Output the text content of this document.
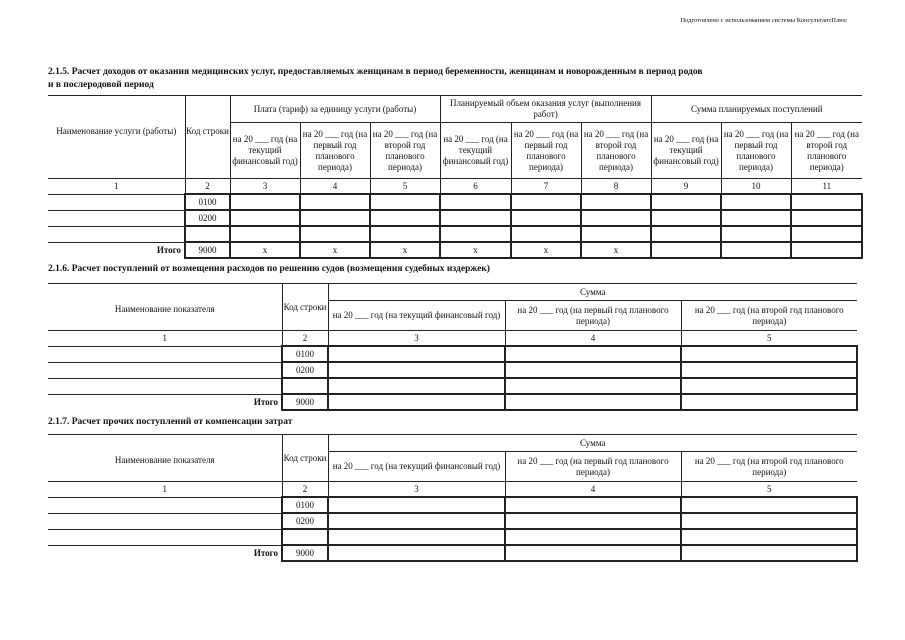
Подготовлено с использованием системы КонсультантПлюс
2.1.5. Расчет доходов от оказания медицинских услуг, предоставляемых женщинам в период беременности, женщинам и новорожденным в период родов
и в послеродовой период
Наименование услуги (работы)	Код строки	Плата (тариф) за единицу услуги (работы)			Планируемый объем оказания услуг (выполнения работ)			Сумма планируемых поступлений		
		на 20 ___ год (на текущий финансовый год)	на 20 ___ год (на первый год планового периода)	на 20 ___ год (на второй год планового периода)	на 20 ___ год (на текущий финансовый год)	на 20 ___ год (на первый год планового периода)	на 20 ___ год (на второй год планового периода)	на 20 ___ год (на текущий финансовый год)	на 20 ___ год (на первый год планового периода)	на 20 ___ год (на второй год планового периода)
1	2	3	4	5	6	7	8	9	10	11
	0100									
	0200									

Итого	9000	x	x	x	x	x	x			
2.1.6. Расчет поступлений от возмещения расходов по решению судов (возмещения судебных издержек)
Наименование показателя	Код строки	Сумма		
		на 20 ___ год (на текущий финансовый год)	на 20 ___ год (на первый год планового периода)	на 20 ___ год (на второй год планового периода)
1	2	3	4	5
	0100			
	0200			

Итого	9000			
2.1.7. Расчет прочих поступлений от компенсации затрат
Наименование показателя	Код строки	Сумма		
		на 20 ___ год (на текущий финансовый год)	на 20 ___ год (на первый год планового периода)	на 20 ___ год (на второй год планового периода)
1	2	3	4	5
	0100			
	0200			

Итого	9000			
